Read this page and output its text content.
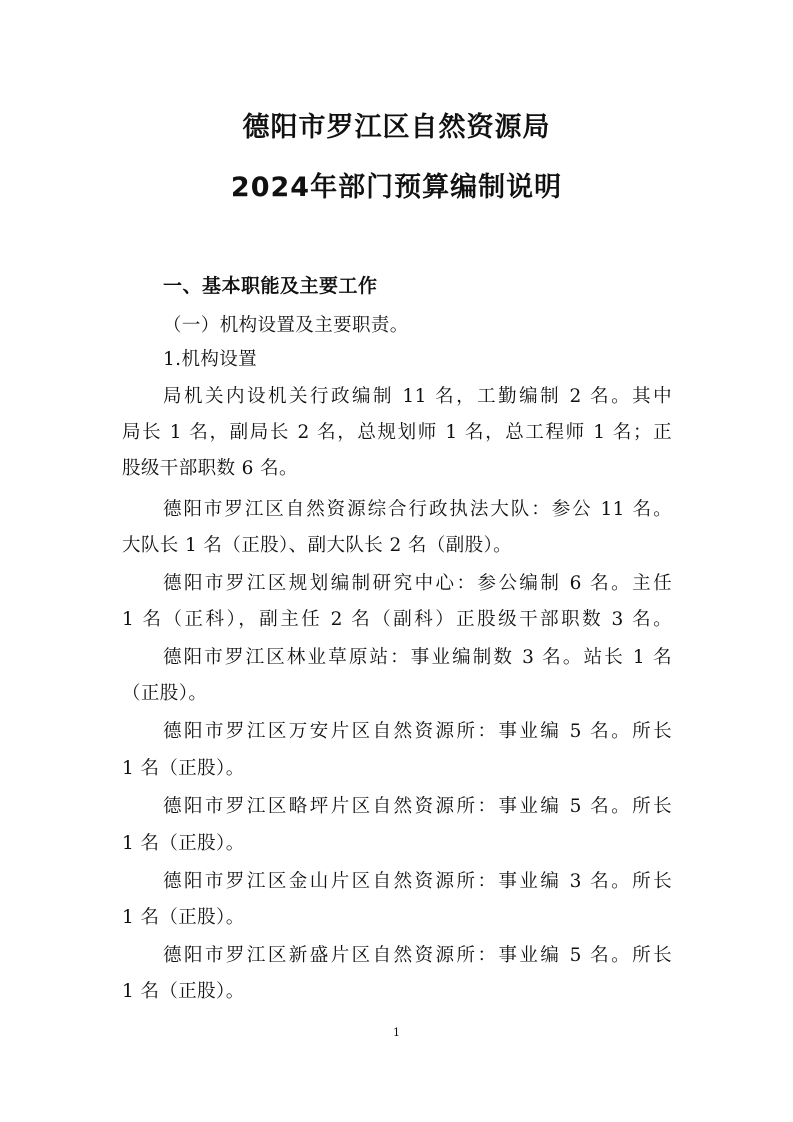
德阳市罗江区自然资源局
2024年部门预算编制说明
一、基本职能及主要工作
（一）机构设置及主要职责。
1.机构设置
局机关内设机关行政编制 11 名，工勤编制 2 名。其中
局长 1 名，副局长 2 名，总规划师 1 名，总工程师 1 名；正
股级干部职数 6 名。
德阳市罗江区自然资源综合行政执法大队：参公 11 名。
大队长 1 名（正股）、副大队长 2 名（副股）。
德阳市罗江区规划编制研究中心：参公编制 6 名。主任
1 名（正科），副主任 2 名（副科）正股级干部职数 3 名。
德阳市罗江区林业草原站：事业编制数 3 名。站长 1 名
（正股）。
德阳市罗江区万安片区自然资源所：事业编 5 名。所长
1 名（正股）。
德阳市罗江区略坪片区自然资源所：事业编 5 名。所长
1 名（正股）。
德阳市罗江区金山片区自然资源所：事业编 3 名。所长
1 名（正股）。
德阳市罗江区新盛片区自然资源所：事业编 5 名。所长
1 名（正股）。
1
